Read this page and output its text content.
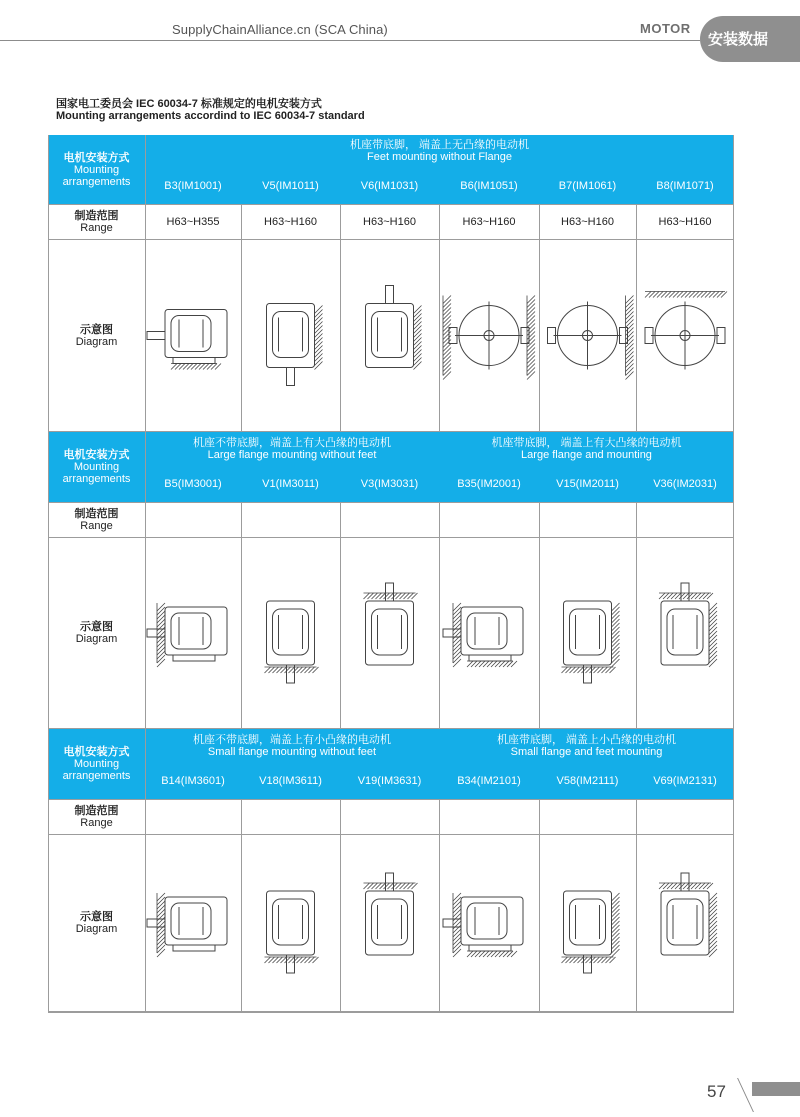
SupplyChainAlliance.cn (SCA China)	MOTOR
安装数据
国家电工委员会 IEC 60034-7 标准规定的电机安装方式
Mounting arrangements accordind to IEC 60034-7 standard
电机安装方式
Mounting arrangements
机座带底脚， 端盖上无凸缘的电动机
Feet mounting without Flange
B3(IM1001)	V5(IM1011)	V6(IM1031)	B6(IM1051)	B7(IM1061)	B8(IM1071)
制造范围
Range	H63~H355	H63~H160	H63~H160	H63~H160	H63~H160	H63~H160
示意图
Diagram
电机安装方式
Mounting arrangements
机座不带底脚，端盖上有大凸缘的电动机
Large flange mounting without feet
机座带底脚， 端盖上有大凸缘的电动机
Large flange and mounting
B5(IM3001)	V1(IM3011)	V3(IM3031)	B35(IM2001)	V15(IM2011)	V36(IM2031)
制造范围
Range
示意图
Diagram
电机安装方式
Mounting arrangements
机座不带底脚，端盖上有小凸缘的电动机
Small flange mounting without feet
机座带底脚， 端盖上小凸缘的电动机
Small flange and feet mounting
B14(IM3601)	V18(IM3611)	V19(IM3631)	B34(IM2101)	V58(IM2111)	V69(IM2131)
制造范围
Range
示意图
Diagram
57
